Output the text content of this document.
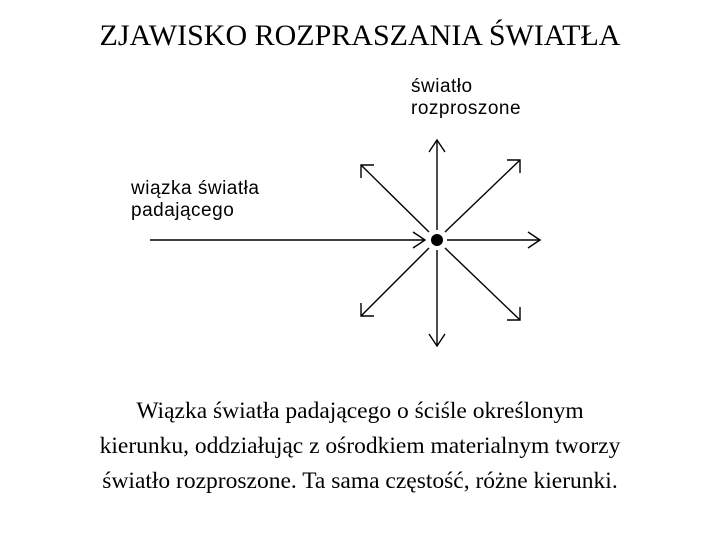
ZJAWISKO ROZPRASZANIA ŚWIATŁA
światło
rozproszone
wiązka światła
padającego
Wiązka światła padającego o ściśle określonym
kierunku, oddziałując z ośrodkiem materialnym tworzy
światło rozproszone. Ta sama częstość, różne kierunki.
